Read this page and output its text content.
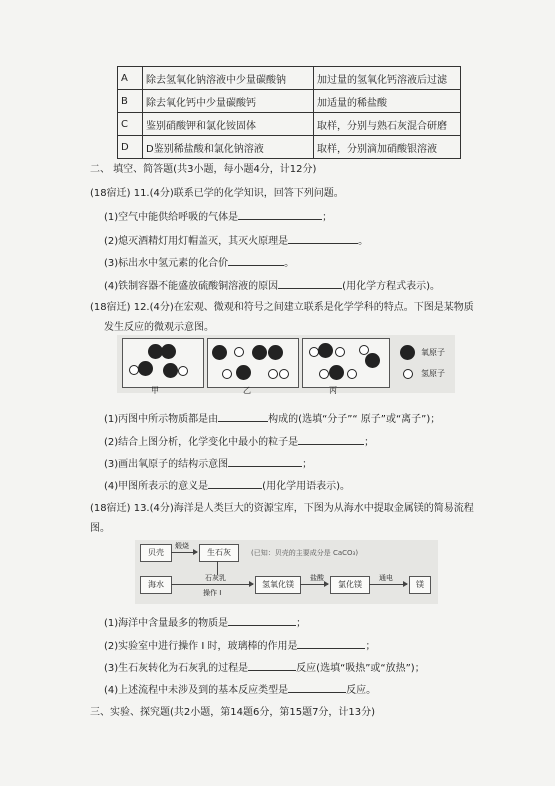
A	除去氢氧化钠溶液中少量碳酸钠	加过量的氢氧化钙溶液后过滤
B	除去氧化钙中少量碳酸钙	加适量的稀盐酸
C	鉴别硝酸钾和氯化铵固体	取样，分别与熟石灰混合研磨
D	D鉴别稀盐酸和氯化钠溶液	取样，分别滴加硝酸银溶液
二、 填空、简答题(共3小题，每小题4分，计12分)
(18宿迁) 11.(4分)联系已学的化学知识，回答下列问题。
(1)空气中能供给呼吸的气体是	；
(2)熄灭酒精灯用灯帽盖灭，其灭火原理是	。
(3)标出水中氢元素的化合价	。
(4)铁制容器不能盛放硫酸铜溶液的原因	(用化学方程式表示)。
(18宿迁) 12.(4分)在宏观、微观和符号之间建立联系是化学学科的特点。下图是某物质
发生反应的微观示意图。
甲	乙	丙
氧原子
氢原子
(1)丙图中所示物质都是由	构成的(选填“分子”“ 原子”或“离子”)；
(2)结合上图分析，化学变化中最小的粒子是	；
(3)画出氧原子的结构示意图	；
(4)甲图所表示的意义是	(用化学用语表示)。
(18宿迁) 13.(4分)海洋是人类巨大的资源宝库，下图为从海水中提取金属镁的简易流程
图。
贝壳
煅烧
生石灰	(已知：贝壳的主要成分是 CaCO₃)
石灰乳
海水
操作 I
氢氧化镁
盐酸
氯化镁
通电
镁
(1)海洋中含量最多的物质是	；
(2)实验室中进行操作 I 时，玻璃棒的作用是	；
(3)生石灰转化为石灰乳的过程是	反应(选填“吸热”或“放热”)；
(4)上述流程中未涉及到的基本反应类型是	反应。
三、实验、探究题(共2小题，第14题6分，第15题7分，计13分)
